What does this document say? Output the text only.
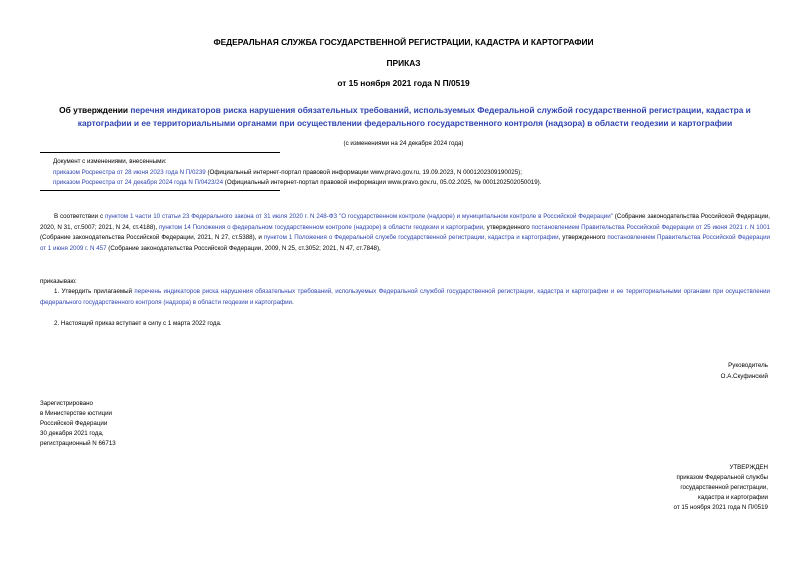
ФЕДЕРАЛЬНАЯ СЛУЖБА ГОСУДАРСТВЕННОЙ РЕГИСТРАЦИИ, КАДАСТРА И КАРТОГРАФИИ
ПРИКАЗ
от 15 ноября 2021 года N П/0519
Об утверждении перечня индикаторов риска нарушения обязательных требований, используемых Федеральной службой государственной регистрации, кадастра и картографии и ее территориальными органами при осуществлении федерального государственного контроля (надзора) в области геодезии и картографии
(с изменениями на 24 декабря 2024 года)
Документ с изменениями, внесенными:
приказом Росреестра от 28 июня 2023 года N П/0239 (Официальный интернет-портал правовой информации www.pravo.gov.ru, 19.09.2023, N 0001202309190025);
приказом Росреестра от 24 декабря 2024 года N П/0423/24 (Официальный интернет-портал правовой информации www.pravo.gov.ru, 05.02.2025, № 0001202502050019).
В соответствии с пунктом 1 части 10 статьи 23 Федерального закона от 31 июля 2020 г. N 248-ФЗ "О государственном контроле (надзоре) и муниципальном контроле в Российской Федерации" (Собрание законодательства Российской Федерации, 2020, N 31, ст.5007; 2021, N 24, ст.4188), пунктом 14 Положения о федеральном государственном контроле (надзоре) в области геодезии и картографии, утвержденного постановлением Правительства Российской Федерации от 25 июня 2021 г. N 1001 (Собрание законодательства Российской Федерации, 2021, N 27, ст.5388), и пунктом 1 Положения о Федеральной службе государственной регистрации, кадастра и картографии, утвержденного постановлением Правительства Российской Федерации от 1 июня 2009 г. N 457 (Собрание законодательства Российской Федерации, 2009, N 25, ст.3052; 2021, N 47, ст.7848),
приказываю:
1. Утвердить прилагаемый перечень индикаторов риска нарушения обязательных требований, используемых Федеральной службой государственной регистрации, кадастра и картографии и ее территориальными органами при осуществлении федерального государственного контроля (надзора) в области геодезии и картографии.
2. Настоящий приказ вступает в силу с 1 марта 2022 года.
Руководитель
О.А.Скуфинский
Зарегистрировано
в Министерстве юстиции
Российской Федерации
30 декабря 2021 года,
регистрационный N 66713
УТВЕРЖДЕН
приказом Федеральной службы
государственной регистрации,
кадастра и картографии
от 15 ноября 2021 года N П/0519
